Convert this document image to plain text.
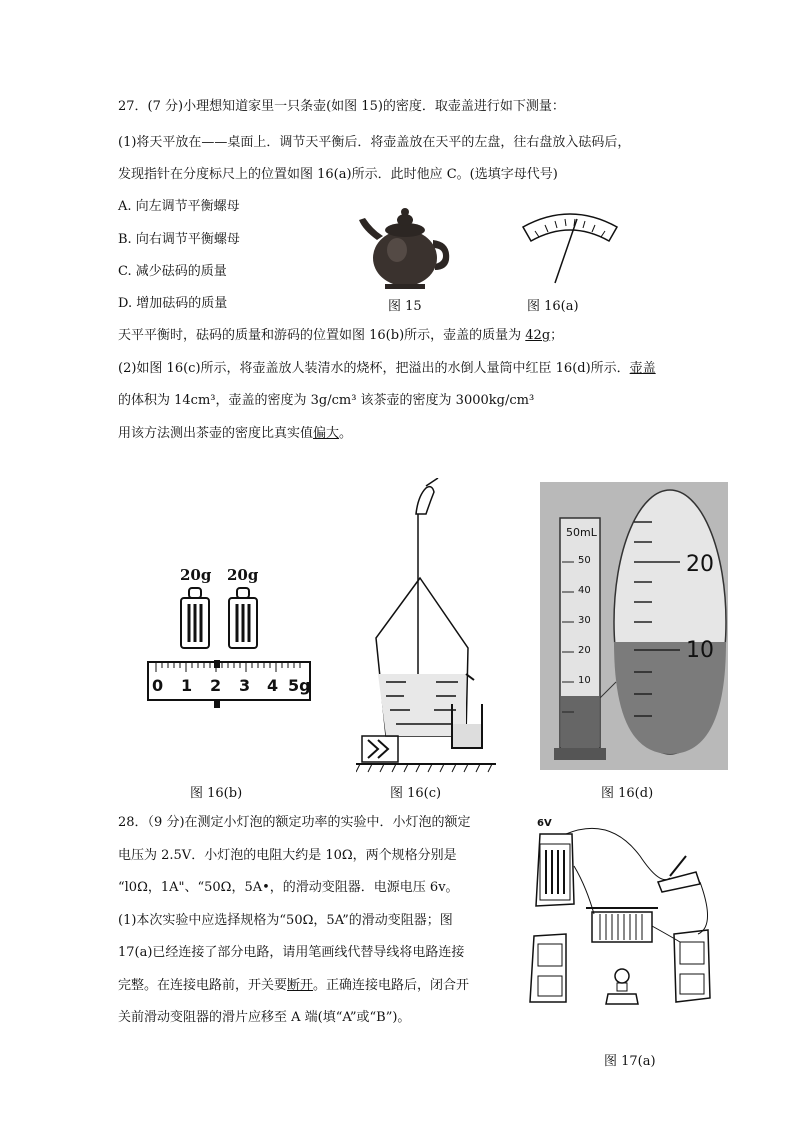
27．(7 分)小理想知道家里一只条壶(如图 15)的密度．取壶盖进行如下测量：
(1)将天平放在——桌面上．调节天平衡后．将壶盖放在天平的左盘，往右盘放入砝码后，
发现指针在分度标尺上的位置如图 16(a)所示．此时他应 C。(选填字母代号)
A. 向左调节平衡螺母
B. 向右调节平衡螺母
C. 减少砝码的质量
D. 增加砝码的质量
天平平衡时，砝码的质量和游码的位置如图 16(b)所示，壶盖的质量为 42g；
(2)如图 16(c)所示，将壶盖放人装清水的烧杯，把溢出的水倒人量筒中红臣 16(d)所示．壶盖
的体积为 14cm³，壶盖的密度为 3g/cm³ 该茶壶的密度为 3000kg/cm³
用该方法测出茶壶的密度比真实值偏大。
图 15	图 16(a)
20g 20g
0 1 2 3 4 5g
图 16(b)	图 16(c)
50mL
50
40
30
20
10
20
10
图 16(d)
28．（9 分)在测定小灯泡的额定功率的实验中．小灯泡的额定
电压为 2.5V．小灯泡的电阻大约是 10Ω，两个规格分别是
“l0Ω，1A"、“50Ω，5A•，的滑动变阻器．电源电压 6v。
(1)本次实验中应选择规格为“50Ω，5A”的滑动变阻器；图
17(a)已经连接了部分电路，请用笔画线代替导线将电路连接
完整。在连接电路前，开关要断开。正确连接电路后，闭合开
关前滑动变阻器的滑片应移至 A 端(填“A”或“B”)。
6V
图 17(a)
